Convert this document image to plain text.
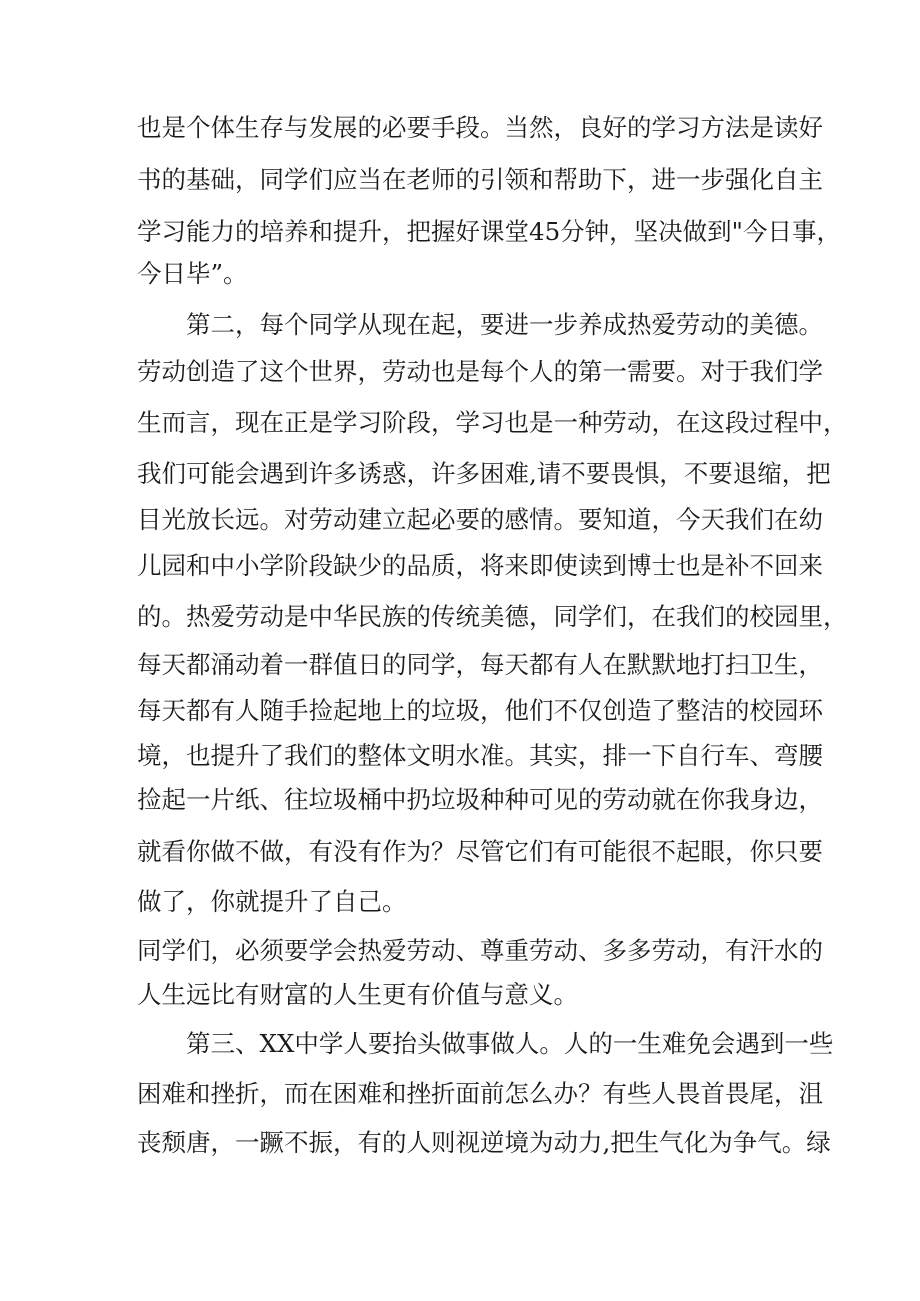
也是个体生存与发展的必要手段。当然，良好的学习方法是读好
书的基础，同学们应当在老师的引领和帮助下，进一步强化自主
学习能力的培养和提升，把握好课堂45分钟，坚决做到"今日事，
今日毕”。
第二，每个同学从现在起，要进一步养成热爱劳动的美德。
劳动创造了这个世界，劳动也是每个人的第一需要。对于我们学
生而言，现在正是学习阶段，学习也是一种劳动，在这段过程中，
我们可能会遇到许多诱惑，许多困难,请不要畏惧，不要退缩，把
目光放长远。对劳动建立起必要的感情。要知道，今天我们在幼
儿园和中小学阶段缺少的品质，将来即使读到博士也是补不回来
的。热爱劳动是中华民族的传统美德，同学们，在我们的校园里，
每天都涌动着一群值日的同学，每天都有人在默默地打扫卫生，
每天都有人随手捡起地上的垃圾，他们不仅创造了整洁的校园环
境，也提升了我们的整体文明水准。其实，排一下自行车、弯腰
捡起一片纸、往垃圾桶中扔垃圾种种可见的劳动就在你我身边，
就看你做不做，有没有作为？尽管它们有可能很不起眼，你只要
做了，你就提升了自己。
同学们，必须要学会热爱劳动、尊重劳动、多多劳动，有汗水的
人生远比有财富的人生更有价值与意义。
第三、XX中学人要抬头做事做人。人的一生难免会遇到一些
困难和挫折，而在困难和挫折面前怎么办？有些人畏首畏尾，沮
丧颓唐，一蹶不振，有的人则视逆境为动力,把生气化为争气。绿
